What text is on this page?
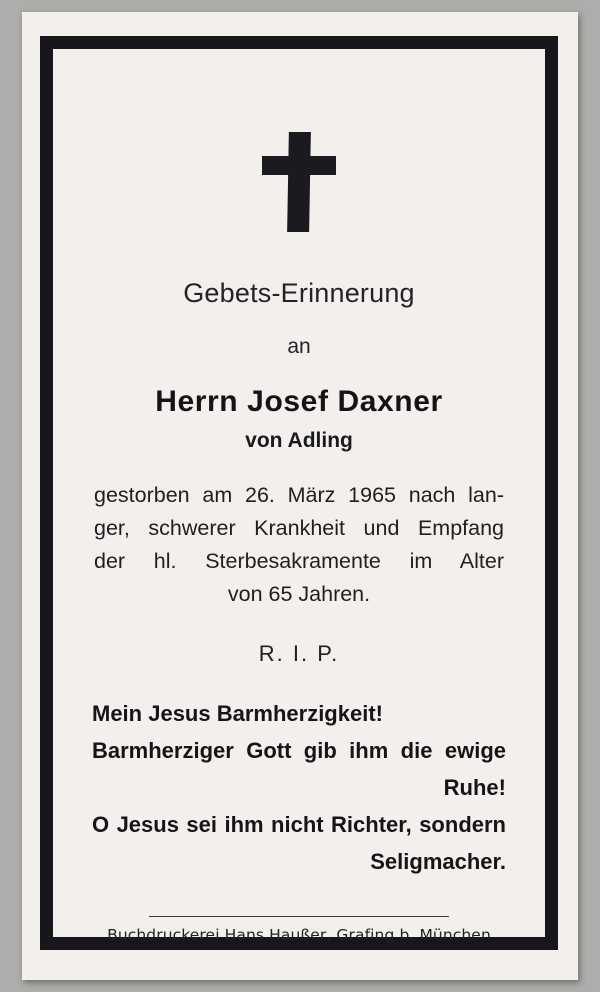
Gebets-Erinnerung
an
Herrn Josef Daxner
von Adling

gestorben am 26. März 1965 nach lan-

ger, schwerer Krankheit und Empfang

der hl. Sterbesakramente im Alter

von 65 Jahren.

R. I. P.

Mein Jesus Barmherzigkeit!

Barmherziger Gott gib ihm die ewige

Ruhe!

O Jesus sei ihm nicht Richter, sondern

Seligmacher.

Buchdruckerei Hans Haußer, Grafing b. München
